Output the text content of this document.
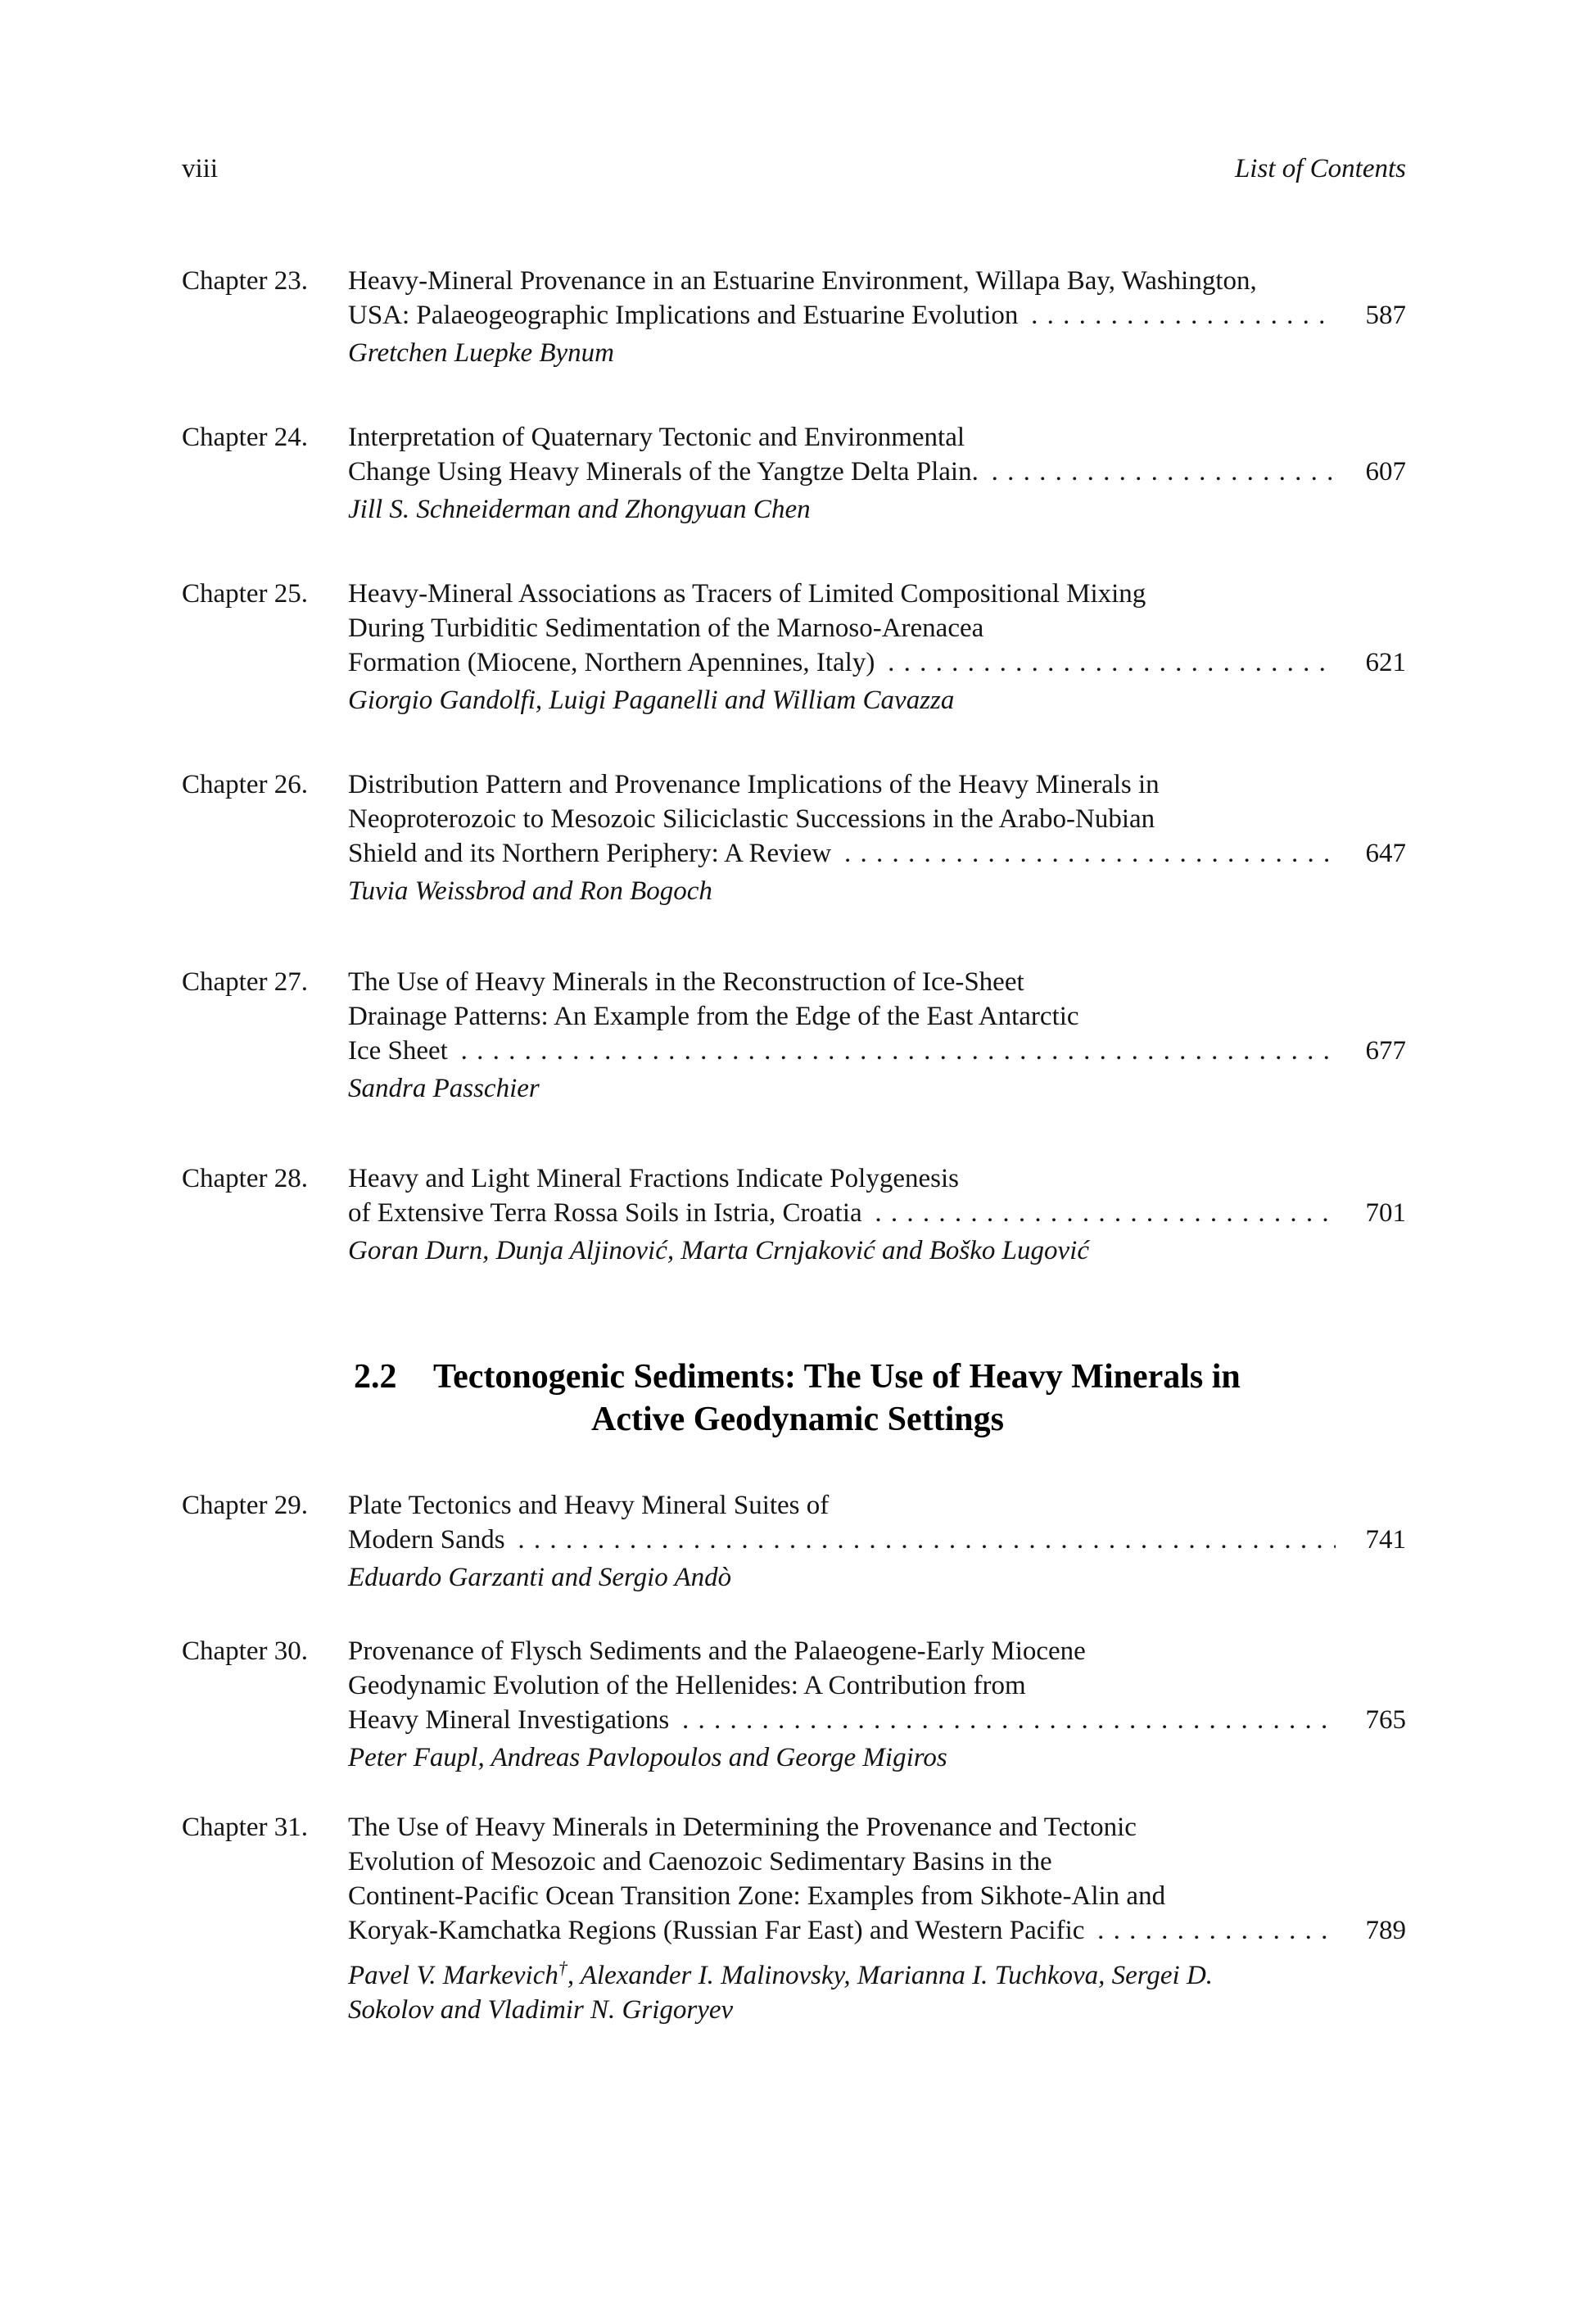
viii	List of Contents
Chapter 23. Heavy-Mineral Provenance in an Estuarine Environment, Willapa Bay, Washington,
USA: Palaeogeographic Implications and Estuarine Evolution . . .	587
Gretchen Luepke Bynum
Chapter 24. Interpretation of Quaternary Tectonic and Environmental
Change Using Heavy Minerals of the Yangtze Delta Plain. . . .	607
Jill S. Schneiderman and Zhongyuan Chen
Chapter 25. Heavy-Mineral Associations as Tracers of Limited Compositional Mixing
During Turbiditic Sedimentation of the Marnoso-Arenacea
Formation (Miocene, Northern Apennines, Italy) . . .	621
Giorgio Gandolfi, Luigi Paganelli and William Cavazza
Chapter 26. Distribution Pattern and Provenance Implications of the Heavy Minerals in
Neoproterozoic to Mesozoic Siliciclastic Successions in the Arabo-Nubian
Shield and its Northern Periphery: A Review . . .	647
Tuvia Weissbrod and Ron Bogoch
Chapter 27. The Use of Heavy Minerals in the Reconstruction of Ice-Sheet
Drainage Patterns: An Example from the Edge of the East Antarctic
Ice Sheet . . .	677
Sandra Passchier
Chapter 28. Heavy and Light Mineral Fractions Indicate Polygenesis
of Extensive Terra Rossa Soils in Istria, Croatia . . .	701
Goran Durn, Dunja Aljinović, Marta Crnjaković and Boško Lugović
2.2 Tectonogenic Sediments: The Use of Heavy Minerals in
Active Geodynamic Settings
Chapter 29. Plate Tectonics and Heavy Mineral Suites of
Modern Sands . . .	741
Eduardo Garzanti and Sergio Andò
Chapter 30. Provenance of Flysch Sediments and the Palaeogene-Early Miocene
Geodynamic Evolution of the Hellenides: A Contribution from
Heavy Mineral Investigations . . .	765
Peter Faupl, Andreas Pavlopoulos and George Migiros
Chapter 31. The Use of Heavy Minerals in Determining the Provenance and Tectonic
Evolution of Mesozoic and Caenozoic Sedimentary Basins in the
Continent-Pacific Ocean Transition Zone: Examples from Sikhote-Alin and
Koryak-Kamchatka Regions (Russian Far East) and Western Pacific . . .	789
Pavel V. Markevich†, Alexander I. Malinovsky, Marianna I. Tuchkova, Sergei D.
Sokolov and Vladimir N. Grigoryev
